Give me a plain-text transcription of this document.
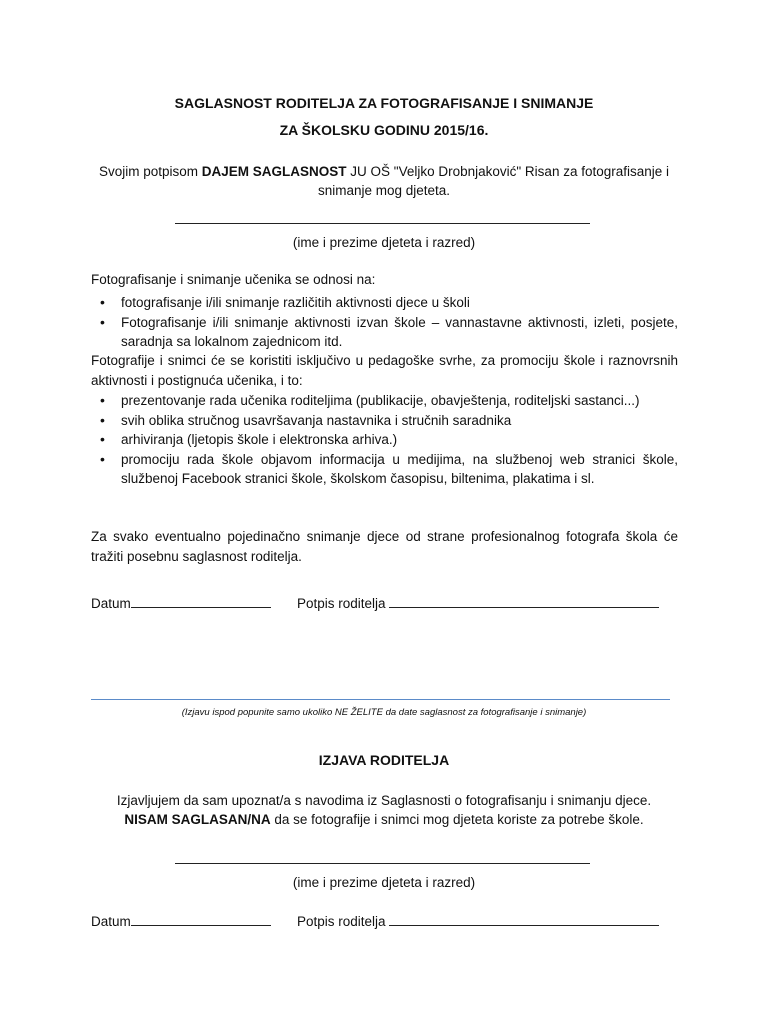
SAGLASNOST RODITELJA ZA FOTOGRAFISANJE I SNIMANJE
ZA ŠKOLSKU GODINU 2015/16.
Svojim potpisom DAJEM SAGLASNOST JU OŠ "Veljko Drobnjaković" Risan za fotografisanje i
snimanje mog djeteta.
(ime i prezime djeteta i razred)
Fotografisanje i snimanje učenika se odnosi na:
• fotografisanje i/ili snimanje različitih aktivnosti djece u školi
• Fotografisanje i/ili snimanje aktivnosti izvan škole – vannastavne aktivnosti, izleti, posjete, saradnja sa lokalnom zajednicom itd.
Fotografije i snimci će se koristiti isključivo u pedagoške svrhe, za promociju škole i raznovrsnih aktivnosti i postignuća učenika, i to:
• prezentovanje rada učenika roditeljima (publikacije, obavještenja, roditeljski sastanci...)
• svih oblika stručnog usavršavanja nastavnika i stručnih saradnika
• arhiviranja (ljetopis škole i elektronska arhiva.)
• promociju rada škole objavom informacija u medijima, na službenoj web stranici škole, službenoj Facebook stranici škole, školskom časopisu, biltenima, plakatima i sl.
Za svako eventualno pojedinačno snimanje djece od strane profesionalnog fotografa škola će tražiti posebnu saglasnost roditelja.
Datum	Potpis roditelja
(Izjavu ispod popunite samo ukoliko NE ŽELITE da date saglasnost za fotografisanje i snimanje)
IZJAVA RODITELJA
Izjavljujem da sam upoznat/a s navodima iz Saglasnosti o fotografisanju i snimanju djece.
NISAM SAGLASAN/NA da se fotografije i snimci mog djeteta koriste za potrebe škole.
(ime i prezime djeteta i razred)
Datum	Potpis roditelja
